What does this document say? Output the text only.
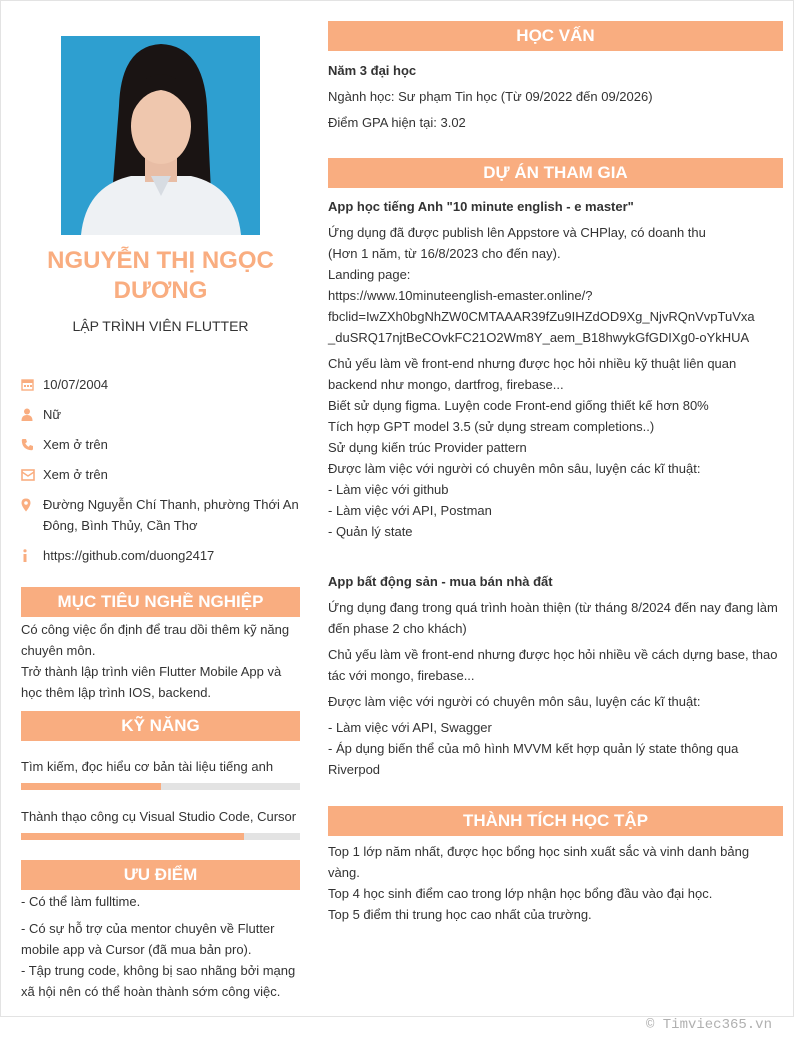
NGUYỄN THỊ NGỌC DƯƠNG
LẬP TRÌNH VIÊN FLUTTER
10/07/2004
Nữ
Xem ở trên
Xem ở trên
Đường Nguyễn Chí Thanh, phường Thới An Đông, Bình Thủy, Cần Thơ
https://github.com/duong2417
MỤC TIÊU NGHỀ NGHIỆP
Có công việc ổn định để trau dồi thêm kỹ năng chuyên môn.
Trở thành lập trình viên Flutter Mobile App và học thêm lập trình IOS, backend.
KỸ NĂNG
Tìm kiếm, đọc hiểu cơ bản tài liệu tiếng anh
Thành thạo công cụ Visual Studio Code, Cursor
ƯU ĐIỂM
- Có thể làm fulltime.
- Có sự hỗ trợ của mentor chuyên về Flutter mobile app và Cursor (đã mua bản pro).
- Tập trung code, không bị sao nhãng bởi mạng xã hội nên có thể hoàn thành sớm công việc.
HỌC VẤN
Năm 3 đại học
Ngành học: Sư phạm Tin học (Từ 09/2022 đến 09/2026)
Điểm GPA hiện tại: 3.02
DỰ ÁN THAM GIA
App học tiếng Anh "10 minute english - e master"
Ứng dụng đã được publish lên Appstore và CHPlay, có doanh thu
(Hơn 1 năm, từ 16/8/2023 cho đến nay).
Landing page:
https://www.10minuteenglish-emaster.online/?
fbclid=IwZXh0bgNhZW0CMTAAAR39fZu9IHZdOD9Xg_NjvRQnVvpTuVxa
_duSRQ17njtBeCOvkFC21O2Wm8Y_aem_B18hwykGfGDIXg0-oYkHUA
Chủ yếu làm về front-end nhưng được học hỏi nhiều kỹ thuật liên quan backend như mongo, dartfrog, firebase...
Biết sử dụng figma. Luyện code Front-end giống thiết kế hơn 80%
Tích hợp GPT model 3.5 (sử dụng stream completions..)
Sử dụng kiến trúc Provider pattern
Được làm việc với người có chuyên môn sâu, luyện các kĩ thuật:
- Làm việc với github
- Làm việc với API, Postman
- Quản lý state
App bất động sản - mua bán nhà đất
Ứng dụng đang trong quá trình hoàn thiện (từ tháng 8/2024 đến nay đang làm đến phase 2 cho khách)
Chủ yếu làm về front-end nhưng được học hỏi nhiều về cách dựng base, thao tác với mongo, firebase...
Được làm việc với người có chuyên môn sâu, luyện các kĩ thuật:
- Làm việc với API, Swagger
- Áp dụng biến thể của mô hình MVVM kết hợp quản lý state thông qua Riverpod
THÀNH TÍCH HỌC TẬP
Top 1 lớp năm nhất, được học bổng học sinh xuất sắc và vinh danh bảng vàng.
Top 4 học sinh điểm cao trong lớp nhận học bổng đầu vào đại học.
Top 5 điểm thi trung học cao nhất của trường.
© Timviec365.vn
